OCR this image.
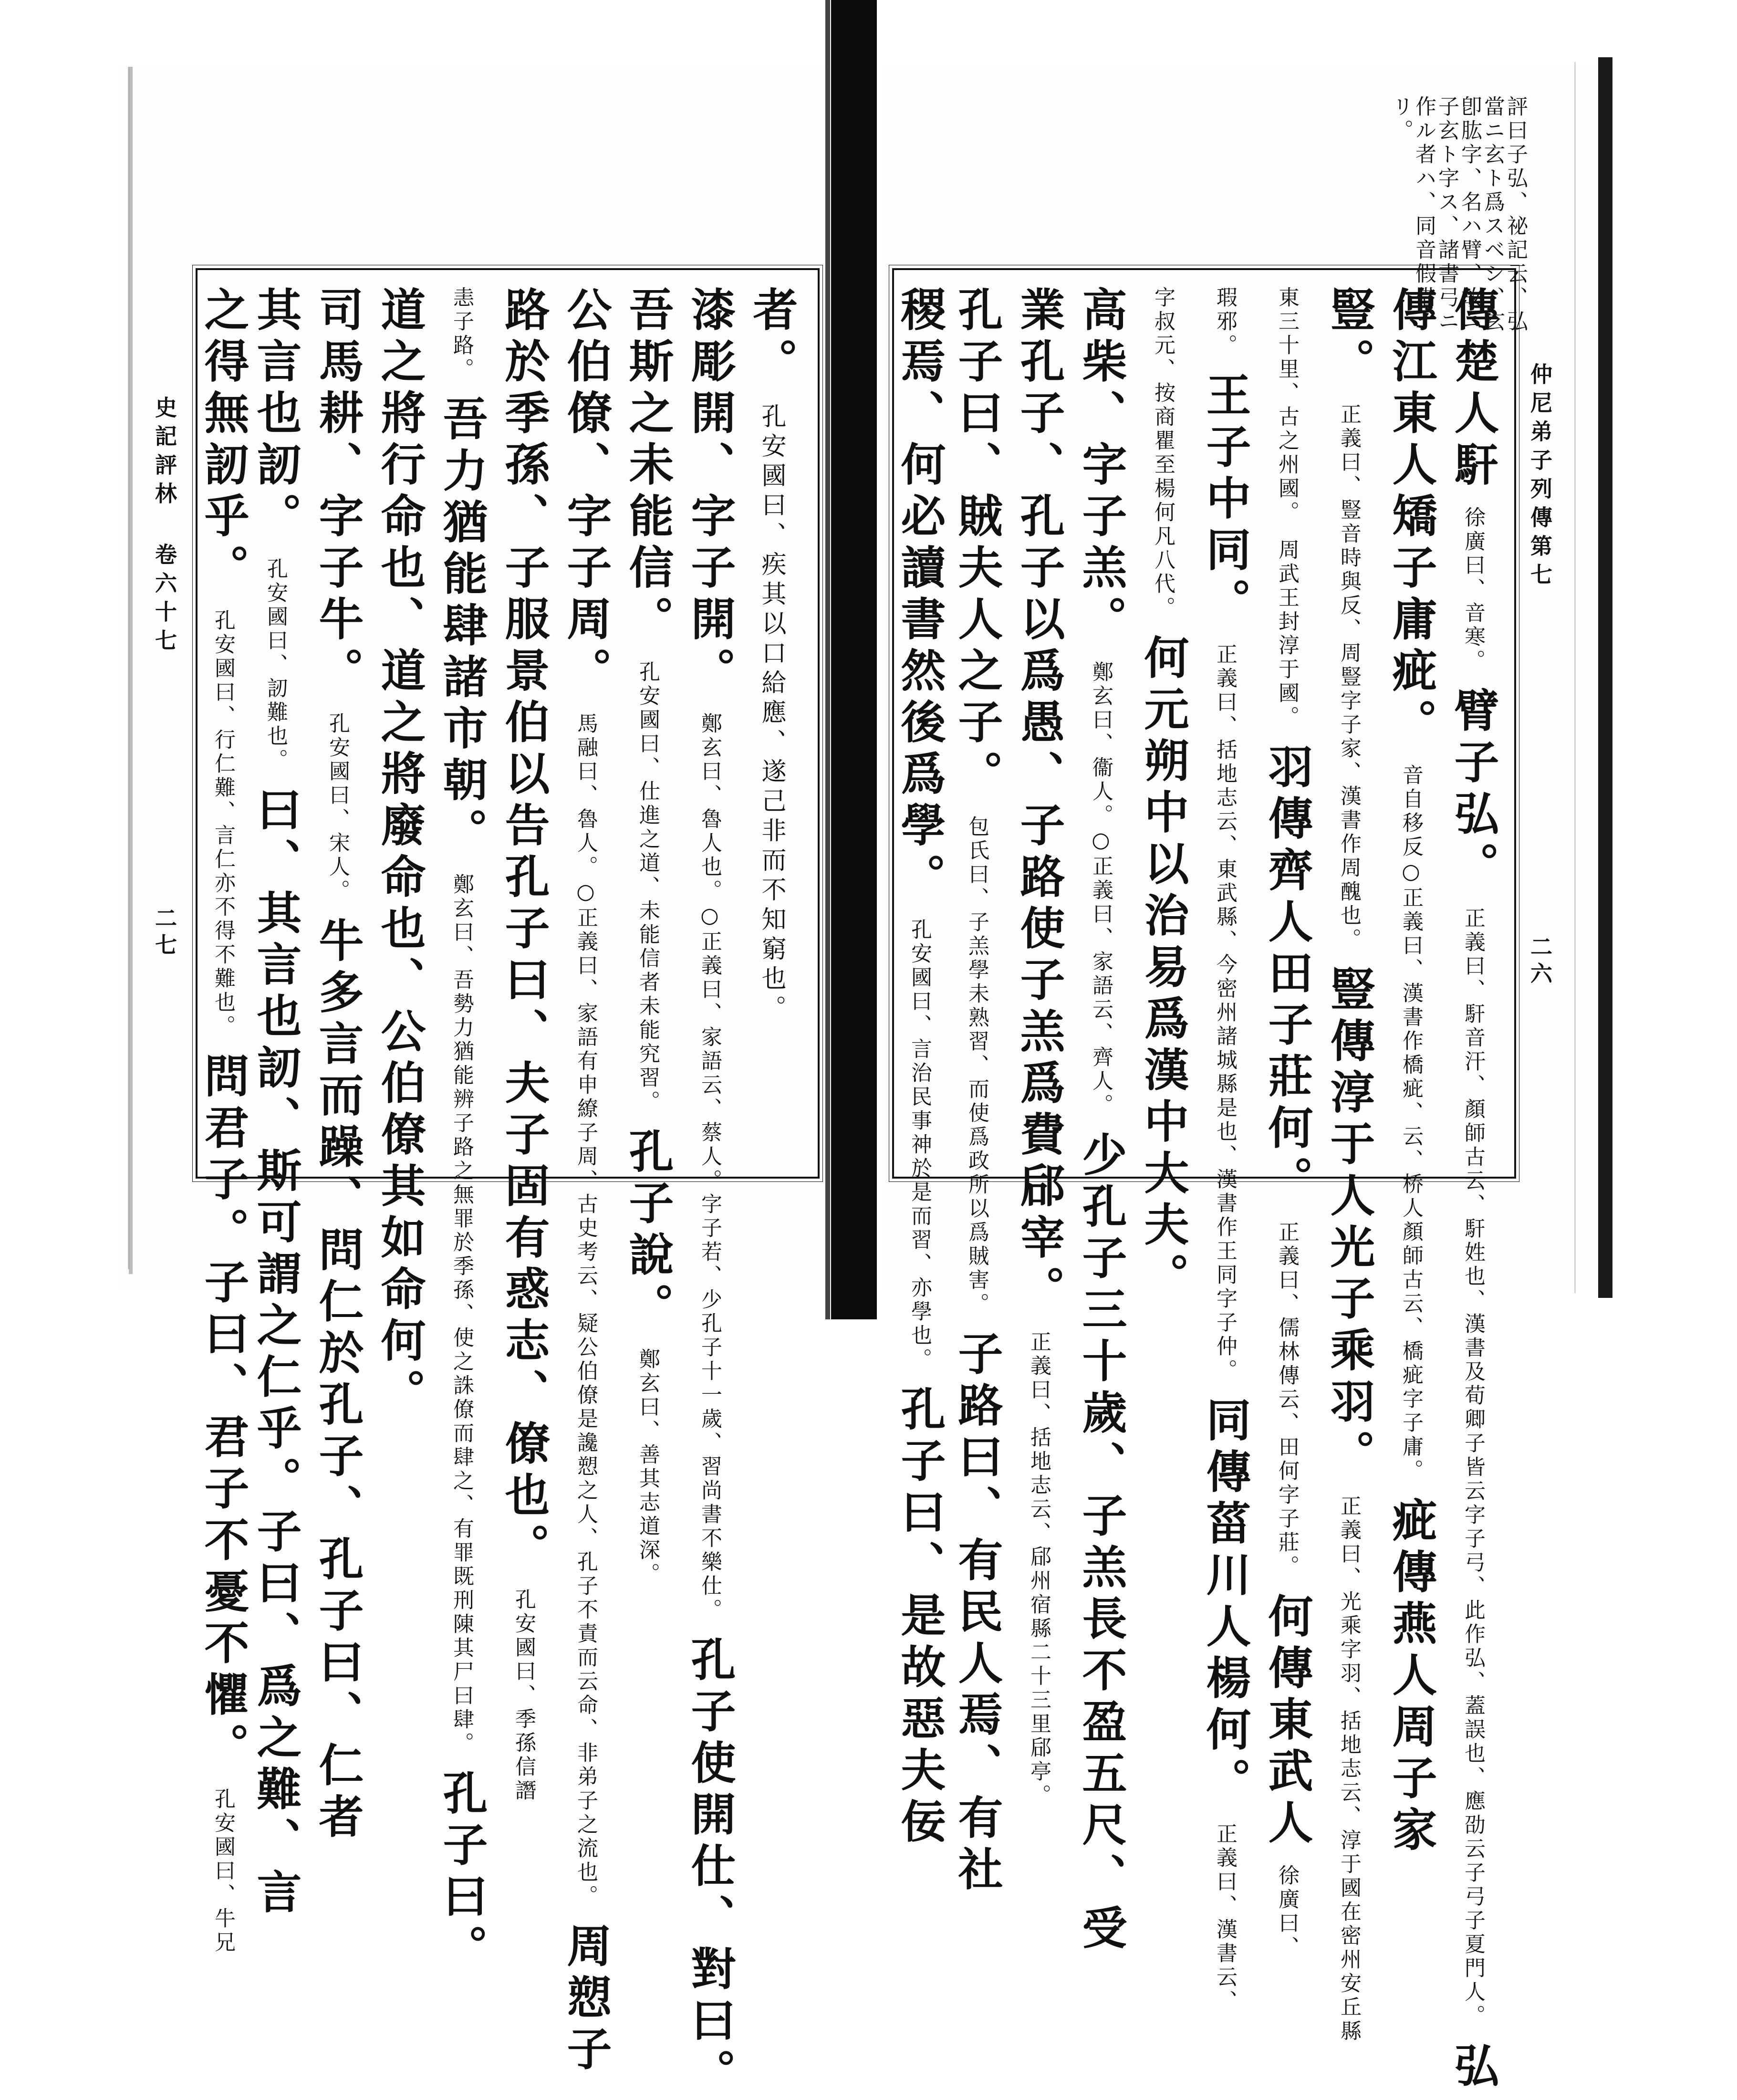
史記評林 卷六十七
二七
者。 孔安國曰、疾其以口給應、遂己非而不知窮也。
漆彫開、字子開。 鄭玄曰、魯人也。○正義曰、家語云、蔡人。字子若、少孔子十一歲、習尚書不樂仕。 孔子使開仕、對曰。
吾斯之未能信。 孔安國曰、仕進之道、未能信者未能究習。 孔子說。 鄭玄曰、善其志道深。
公伯僚、字子周。 馬融曰、魯人。○正義曰、家語有申繚子周、古史考云、疑公伯僚是讒愬之人、孔子不責而云命、非弟子之流也。 周愬子
路於季孫、子服景伯以告孔子曰、夫子固有惑志、僚也。 孔安國曰、季孫信譖
恚子路。 吾力猶能肆諸市朝。 鄭玄曰、吾勢力猶能辨子路之無罪於季孫、使之誅僚而肆之、有罪既刑陳其尸曰肆。 孔子曰。
道之將行命也、道之將廢命也、公伯僚其如命何。
司馬耕、字子牛。 孔安國曰、宋人。 牛多言而躁、問仁於孔子、孔子曰、仁者
其言也訒。 孔安國曰、訒難也。 曰、其言也訒、斯可謂之仁乎。子曰、爲之難、言
之得無訒乎。 孔安國曰、行仁難、言仁亦不得不難也。 問君子。子曰、君子不憂不懼。 孔安國曰、牛兄
評曰子弘、祕記云、弘
當ニ玄ト爲スベシ、玄
卽肱字、名ハ臂、故ニ
子玄ト字ス、諸書弓ニ
作ル者ハ、同音假借ナ
リ。
仲尼弟子列傳第七
二六
傳楚人馯 徐廣曰、音寒。 臂子弘。 正義曰、馯音汗、顏師古云、馯姓也、漢書及荀卿子皆云字子弓、此作弘、蓋誤也、應劭云子弓子夏門人。 弘
傳江東人矯子庸疵。 音自移反○正義曰、漢書作橋疵、云、桥人顏師古云、橋疵字子庸。 疵傳燕人周子家
豎。 正義曰、豎音時與反、周豎字子家、漢書作周醜也。 豎傳淳于人光子乘羽。 正義曰、光乘字羽、括地志云、淳于國在密州安丘縣
東三十里、古之州國。 周武王封淳于國。 羽傳齊人田子莊何。 正義曰、儒林傳云、田何字子莊。 何傳東武人 徐廣曰、
瑕邪。 王子中同。 正義曰、括地志云、東武縣、今密州諸城縣是也、漢書作王同字子仲。 同傳菑川人楊何。 正義曰、漢書云、
字叔元、按商瞿至楊何凡八代。 何元朔中以治易爲漢中大夫。
高柴、字子羔。 鄭玄曰、衞人。○正義曰、家語云、齊人。 少孔子三十歲、子羔長不盈五尺、受
業孔子、孔子以爲愚、子路使子羔爲費郈宰。 正義曰、括地志云、郈州宿縣二十三里郈亭。
孔子曰、賊夫人之子。 包氏曰、子羔學未熟習、而使爲政所以爲賊害。 子路曰、有民人焉、有社
稷焉、何必讀書然後爲學。 孔安國曰、言治民事神於是而習、亦學也。 孔子曰、是故惡夫佞
